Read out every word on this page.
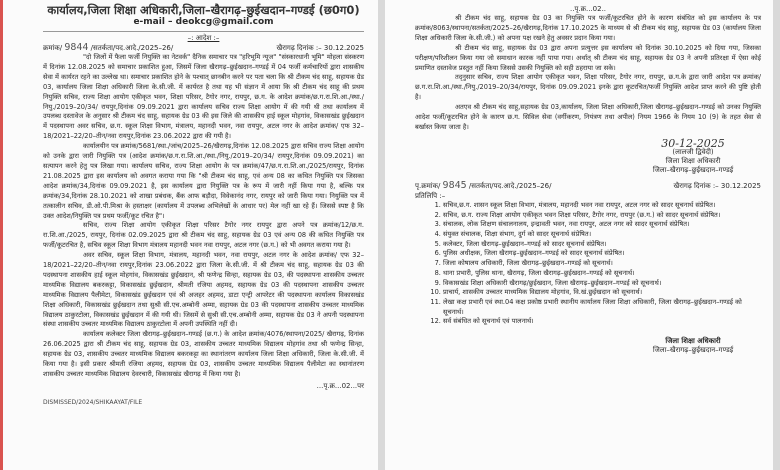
कार्यालय,जिला शिक्षा अधिकारी,जिला–खैरागढ़–छुईखदान–गण्डई (छ0ग0)
e-mail – deokcg@gmail.com
–: आदेश :–
क्रमांक/ 9844 /सतर्कता/पद.आदे./2025–26/	खैरागढ़ दिनांक :– 30.12.2025

"दो जिलों में फैला फर्जी नियुक्ति का नेटवर्क" दैनिक समाचार पत्र "हरिभूमि न्यूज" "संस्कारधानी भूमि" मोहला संस्करण में दिनांक 12.08.2025 को समाचार प्रकाशित हुआ, जिसमें जिला खैरागढ़–छुईखदान–गण्डई में 04 फर्जी कर्मचारियों द्वारा शासकीय सेवा में कार्यरत रहने का उल्लेख था। समाचार प्रकाशित होने के पश्चात् छानबीन करने पर पता चला कि श्री टीकम चंद साहू, सहायक ग्रेड 03, कार्यालय जिला शिक्षा अधिकारी जिला के.सी.जी. में कार्यरत है तथा यह भी संज्ञान में आया कि श्री टीकम चंद साहू की प्रथम नियुक्ति सचिव, राज्य शिक्षा आयोग एकीकृत भवन, शिक्षा परिसर, टैगोर नगर, रायपुर, छ.ग. के आदेश क्रमांक/छ.ग.रा.शि.आ./स्था./नियु./2019–20/34/ रायपुर,दिनांक 09.09.2021 द्वारा कार्यालय सचिव राज्य शिक्षा आयोग में की गयी थी तथा कार्यालय में उपलब्ध दस्तावेज के अनुसार श्री टीकम चंद साहू, सहायक ग्रेड 03 की इस जिले की शासकीय हाई स्कूल मोहगांव, विकासखंड छुईखदान में पदस्थापना अवर सचिव, छ.ग. स्कूल शिक्षा विभाग, मंत्रालय, महानदी भवन, नवा रायपुर, अटल नगर के आदेश क्रमांक/ एफ 32–18/2021–22/20–तीन/नवा रायपुर,दिनांक 23.06.2022 द्वारा की गयी है।

कार्यालयीन पत्र क्रमांक/5681/स्था./जांच/2025–26/खैरागढ़,दिनांक 12.08.2025 द्वारा सचिव राज्य शिक्षा आयोग को उनके द्वारा जारी नियुक्ति पत्र (आदेश क्रमांक/छ.ग.रा.शि.आ./स्था./नियु./2019–20/34/ रायपुर,दिनांक 09.09.2021) का सत्यापन करने हेतु पत्र लिखा गया। कार्यालय सचिव, राज्य शिक्षा आयोग के पत्र क्रमांक/47/छ.ग.रा.शि.आ./2025/रायपुर, दिनांक 21.08.2025 द्वारा इस कार्यालय को अवगत कराया गया कि "श्री टीकम चंद साहू, एवं अन्य 08 का कथित नियुक्ति पत्र जिसका आदेश क्रमांक/34,दिनांक 09.09.2021 है, इस कार्यालय द्वारा नियुक्ति पत्र के रूप में जारी नहीं किया गया है, बल्कि पत्र क्रमांक/34,दिनांक 28.10.2021 को शाखा प्रबंधक, बैंक आफ बड़ौदा, विवेकानंद नगर, रायपुर को जारी किया गया। नियुक्ति पत्र में तत्कालीन सचिव, डी.ओ.पी.मिश्रा के हस्ताक्षर (कार्यालय में उपलब्ध अभिलेखों के आधार पर) मेल नहीं खा रहे हैं। जिससे स्पष्ट है कि उक्त आदेश/नियुक्ति पत्र प्रथम फर्जी/कूट रचित है"।

सचिव, राज्य शिक्षा आयोग एकीकृत शिक्षा परिसर टैगोर नगर रायपुर द्वारा अपने पत्र क्रमांक/12/छ.ग. रा.शि.आ./2025, रायपुर, दिनांक 02.09.2025 द्वारा श्री टीकम चंद साहू, सहायक ग्रेड 03 एवं अन्य 08 की कथित नियुक्ति पत्र फर्जी/कूटरचित है, सचिव स्कूल शिक्षा विभाग मंत्रालय महानदी भवन नवा रायपुर, अटल नगर (छ.ग.) को भी अवगत कराया गया है।

अवर सचिव, स्कूल शिक्षा विभाग, मंत्रालय, महानदी भवन, नवा रायपुर, अटल नगर के आदेश क्रमांक/ एफ 32–18/2021–22/20–तीन/नवा रायपुर,दिनांक 23.06.2022 द्वारा जिला के.सी.जी. में श्री टीकम चंद साहू, सहायक ग्रेड 03 की पदस्थापना शासकीय हाई स्कूल मोहगांव, विकासखंड छुईखदान, श्री फणेन्द्र सिन्हा, सहायक ग्रेड 03, की पदस्थापना शासकीय उच्चतर माध्यमिक विद्यालय बकरकट्टा, विकासखंड छुईखदान, श्रीमती रजिया अहमद, सहायक ग्रेड 03 की पदस्थापना शासकीय उच्चतर माध्यमिक विद्यालय पैलीमेटा, विकासखंड छुईखदान एवं श्री अजहर अहमद, डाटा एन्ट्री आपरेटर की पदस्थापना कार्यालय विकासखंड शिक्षा अधिकारी, विकासखंड छुईखदान तथा सुश्री सी.एच.अम्बोनी अम्मा, सहायक ग्रेड 03 की पदस्थापना शासकीय उच्चतर माध्यमिक विद्यालय ठाकुरटोला, विकासखंड छुईखदान में की गयी थी। जिसमें से सुश्री सी.एच.अम्बोनी अम्मा, सहायक ग्रेड 03 ने अपनी पदस्थापना संस्था शासकीय उच्चतर माध्यमिक विद्यालय ठाकुरटोला में अपनी उपस्थिति नहीं दी।

कार्यालय कलेक्टर जिला खैरागढ़–छुईखदान–गण्डई (छ.ग.) के आदेश क्रमांक/4076/स्थापना/2025/ खैरागढ़, दिनांक 26.06.2025 द्वारा श्री टीकम चंद साहू, सहायक ग्रेड 03, शासकीय उच्चतर माध्यमिक विद्यालय मोहगांव तथा श्री फणेन्द्र सिन्हा, सहायक ग्रेड 03, शासकीय उच्चतर माध्यमिक विद्यालय बकरकट्टा का स्थानांतरण कार्यालय जिला शिक्षा अधिकारी, जिला के.सी.जी. में किया गया है। इसी प्रकार श्रीमती रजिया अहमद, सहायक ग्रेड 03, शासकीय उच्चतर माध्यमिक विद्यालय पैलीमेटा का स्थानांतरण शासकीय उच्चतर माध्यमिक विद्यालय देवरचारी, विकासखंड खैरागढ़ में किया गया है।

...पृ.क्र...02...पर
DISMISSED/2024/SHIKAAYAT/FILE
..पृ.क्र...02..

श्री टीकम चंद साहू, सहायक ग्रेड 03 का नियुक्ति पत्र फर्जी/कूटरचित होने के कारण संबंधित को इस कार्यालय के पत्र क्रमांक/8063/स्थापना/सतर्कता/2025–26/खैरागढ़,दिनांक 17.10.2025 के माध्यम से श्री टीकम चंद साहू, सहायक ग्रेड 03 (कार्यालय जिला शिक्षा अधिकारी जिला के.सी.जी.) को अपना पक्ष रखने हेतु अवसर प्रदान किया गया।

श्री टीकम चंद साहू, सहायक ग्रेड 03 द्वारा अपना प्रत्युत्तर इस कार्यालय को दिनांक 30.10.2025 को दिया गया, जिसका परीक्षण/परिशीलन किया गया जो समाधान कारक नहीं पाया गया। अर्थात् श्री टीकम चंद साहू, सहायक ग्रेड 03 ने अपनी प्रतिरक्षा में ऐसा कोई प्रमाणित दस्तावेज प्रस्तुत नहीं किया जिससे उसकी नियुक्ति को सही ठहराया जा सके।

तद्नुसार सचिव, राज्य शिक्षा आयोग एकीकृत भवन, शिक्षा परिसर, टैगोर नगर, रायपुर, छ.ग.के द्वारा जारी आदेश पत्र क्रमांक/छ.ग.रा.शि.आ./स्था./नियु./2019–20/34/रायपुर, दिनांक 09.09.2021 इनके द्वारा कूटरचित/फर्जी नियुक्ति आदेश प्राप्त करने की पुष्टि होती है।

अतएव श्री टीकम चंद साहू,सहायक ग्रेड 03,कार्यालय, जिला शिक्षा अधिकारी,जिला खैरागढ़–छुईखदान–गण्डई को उनका नियुक्ति आदेश फर्जी/कूटरचित होने के कारण छ.ग. सिविल सेवा (वर्गीकरण, नियंत्रण तथा अपील) नियम 1966 के नियम 10 (9) के तहत सेवा से बर्खास्त किया जाता है।

30-12-2025
(लालजी द्विवेदी)
जिला शिक्षा अधिकारी
जिला–खैरागढ़–छुईखदान–गण्डई
पृ.क्रमांक/ 9845 /सतर्कता/पद.आदे./2025–26/	खैरागढ़ दिनांक :– 30.12.2025
प्रतिलिपि :–
1. सचिव,छ.ग. शासन स्कूल शिक्षा विभाग, मंत्रालय, महानदी भवन नवा रायपुर, अटल नगर को सादर सूचनार्थ संप्रेषित।
2. सचिव, छ.ग. राज्य शिक्षा आयोग एकीकृत भवन शिक्षा परिसर, टैगोर नगर, रायपुर (छ.ग.) को सादर सूचनार्थ संप्रेषित।
3. संचालक, लोक शिक्षण संचालनालय, इन्द्रावती भवन, नवा रायपुर, अटल नगर को सादर सूचनार्थ संप्रेषित।
4. संयुक्त संचालक, शिक्षा संभाग, दुर्ग को सादर सूचनार्थ संप्रेषित।
5. कलेक्टर, जिला खैरागढ़–छुईखदान–गण्डई को सादर सूचनार्थ संप्रेषित।
6. पुलिस अधीक्षक, जिला खैरागढ़–छुईखदान–गण्डई को सादर सूचनार्थ संप्रेषित।
7. जिला कोषालय अधिकारी, जिला खैरागढ़–छुईखदान–गण्डई को सूचनार्थ।
8. थाना प्रभारी, पुलिस थाना, खैरागढ़, जिला खैरागढ़–छुईखदान–गण्डई को सूचनार्थ।
9. विकासखंड शिक्षा अधिकारी खैरागढ़/छुईखदान, जिला खैरागढ़–छुईखदान–गण्डई को सूचनार्थ।
10. प्राचार्य, शासकीय उच्चतर माध्यमिक विद्यालय मोहगांव, वि.खं.छुईखदान को सूचनार्थ।
11. लेखा कक्ष प्रभारी एवं स्था.04 कक्ष प्रकोष्ठ प्रभारी स्थानीय कार्यालय जिला शिक्षा अधिकारी, जिला खैरागढ़–छुईखदान–गण्डई को सूचनार्थ।
12. सर्व संबंधित को सूचनार्थ एवं पालनार्थ।
जिला शिक्षा अधिकारी
जिला–खैरागढ़–छुईखदान–गण्डई
